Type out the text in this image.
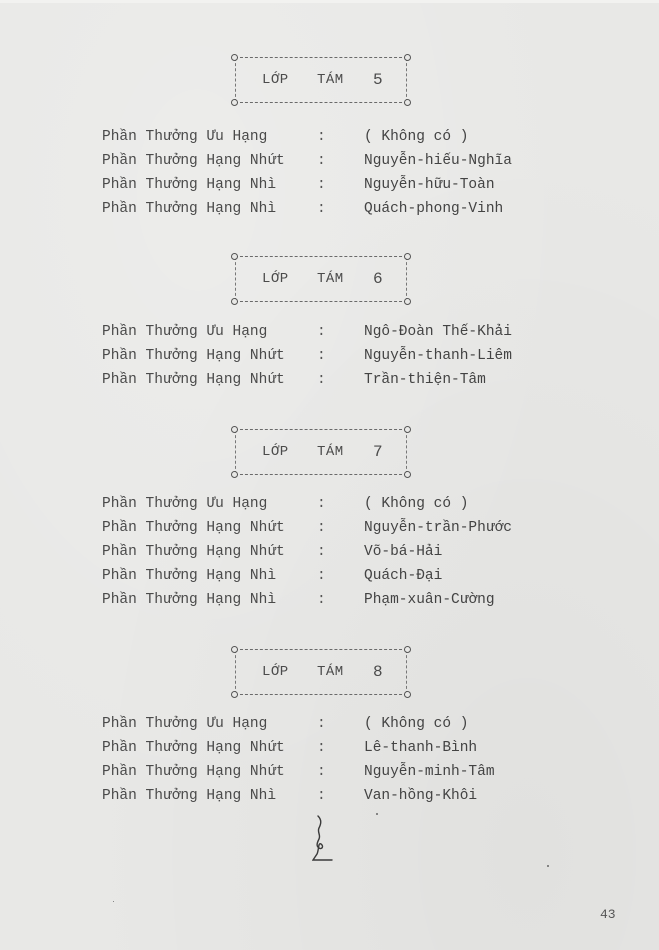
LỚP TÁM 5
Phần Thưởng Ưu Hạng	:	( Không có )
Phần Thưởng Hạng Nhứt :	Nguyễn-hiếu-Nghĩa
Phần Thưởng Hạng Nhì	:	Nguyễn-hữu-Toàn
Phần Thưởng Hạng Nhì	:	Quách-phong-Vinh
LỚP TÁM 6
Phần Thưởng Ưu Hạng	:	Ngô-Đoàn Thế-Khải
Phần Thưởng Hạng Nhứt :	Nguyễn-thanh-Liêm
Phần Thưởng Hạng Nhứt :	Trần-thiện-Tâm
LỚP TÁM 7
Phần Thưởng Ưu Hạng	:	( Không có )
Phần Thưởng Hạng Nhứt :	Nguyễn-trần-Phước
Phần Thưởng Hạng Nhứt :	Võ-bá-Hải
Phần Thưởng Hạng Nhì	:	Quách-Đại
Phần Thưởng Hạng Nhì	:	Phạm-xuân-Cường
LỚP TÁM 8
Phần Thưởng Ưu Hạng	:	( Không có )
Phần Thưởng Hạng Nhứt :	Lê-thanh-Bình
Phần Thưởng Hạng Nhứt :	Nguyễn-minh-Tâm
Phần Thưởng Hạng Nhì	:	Van-hồng-Khôi
43
